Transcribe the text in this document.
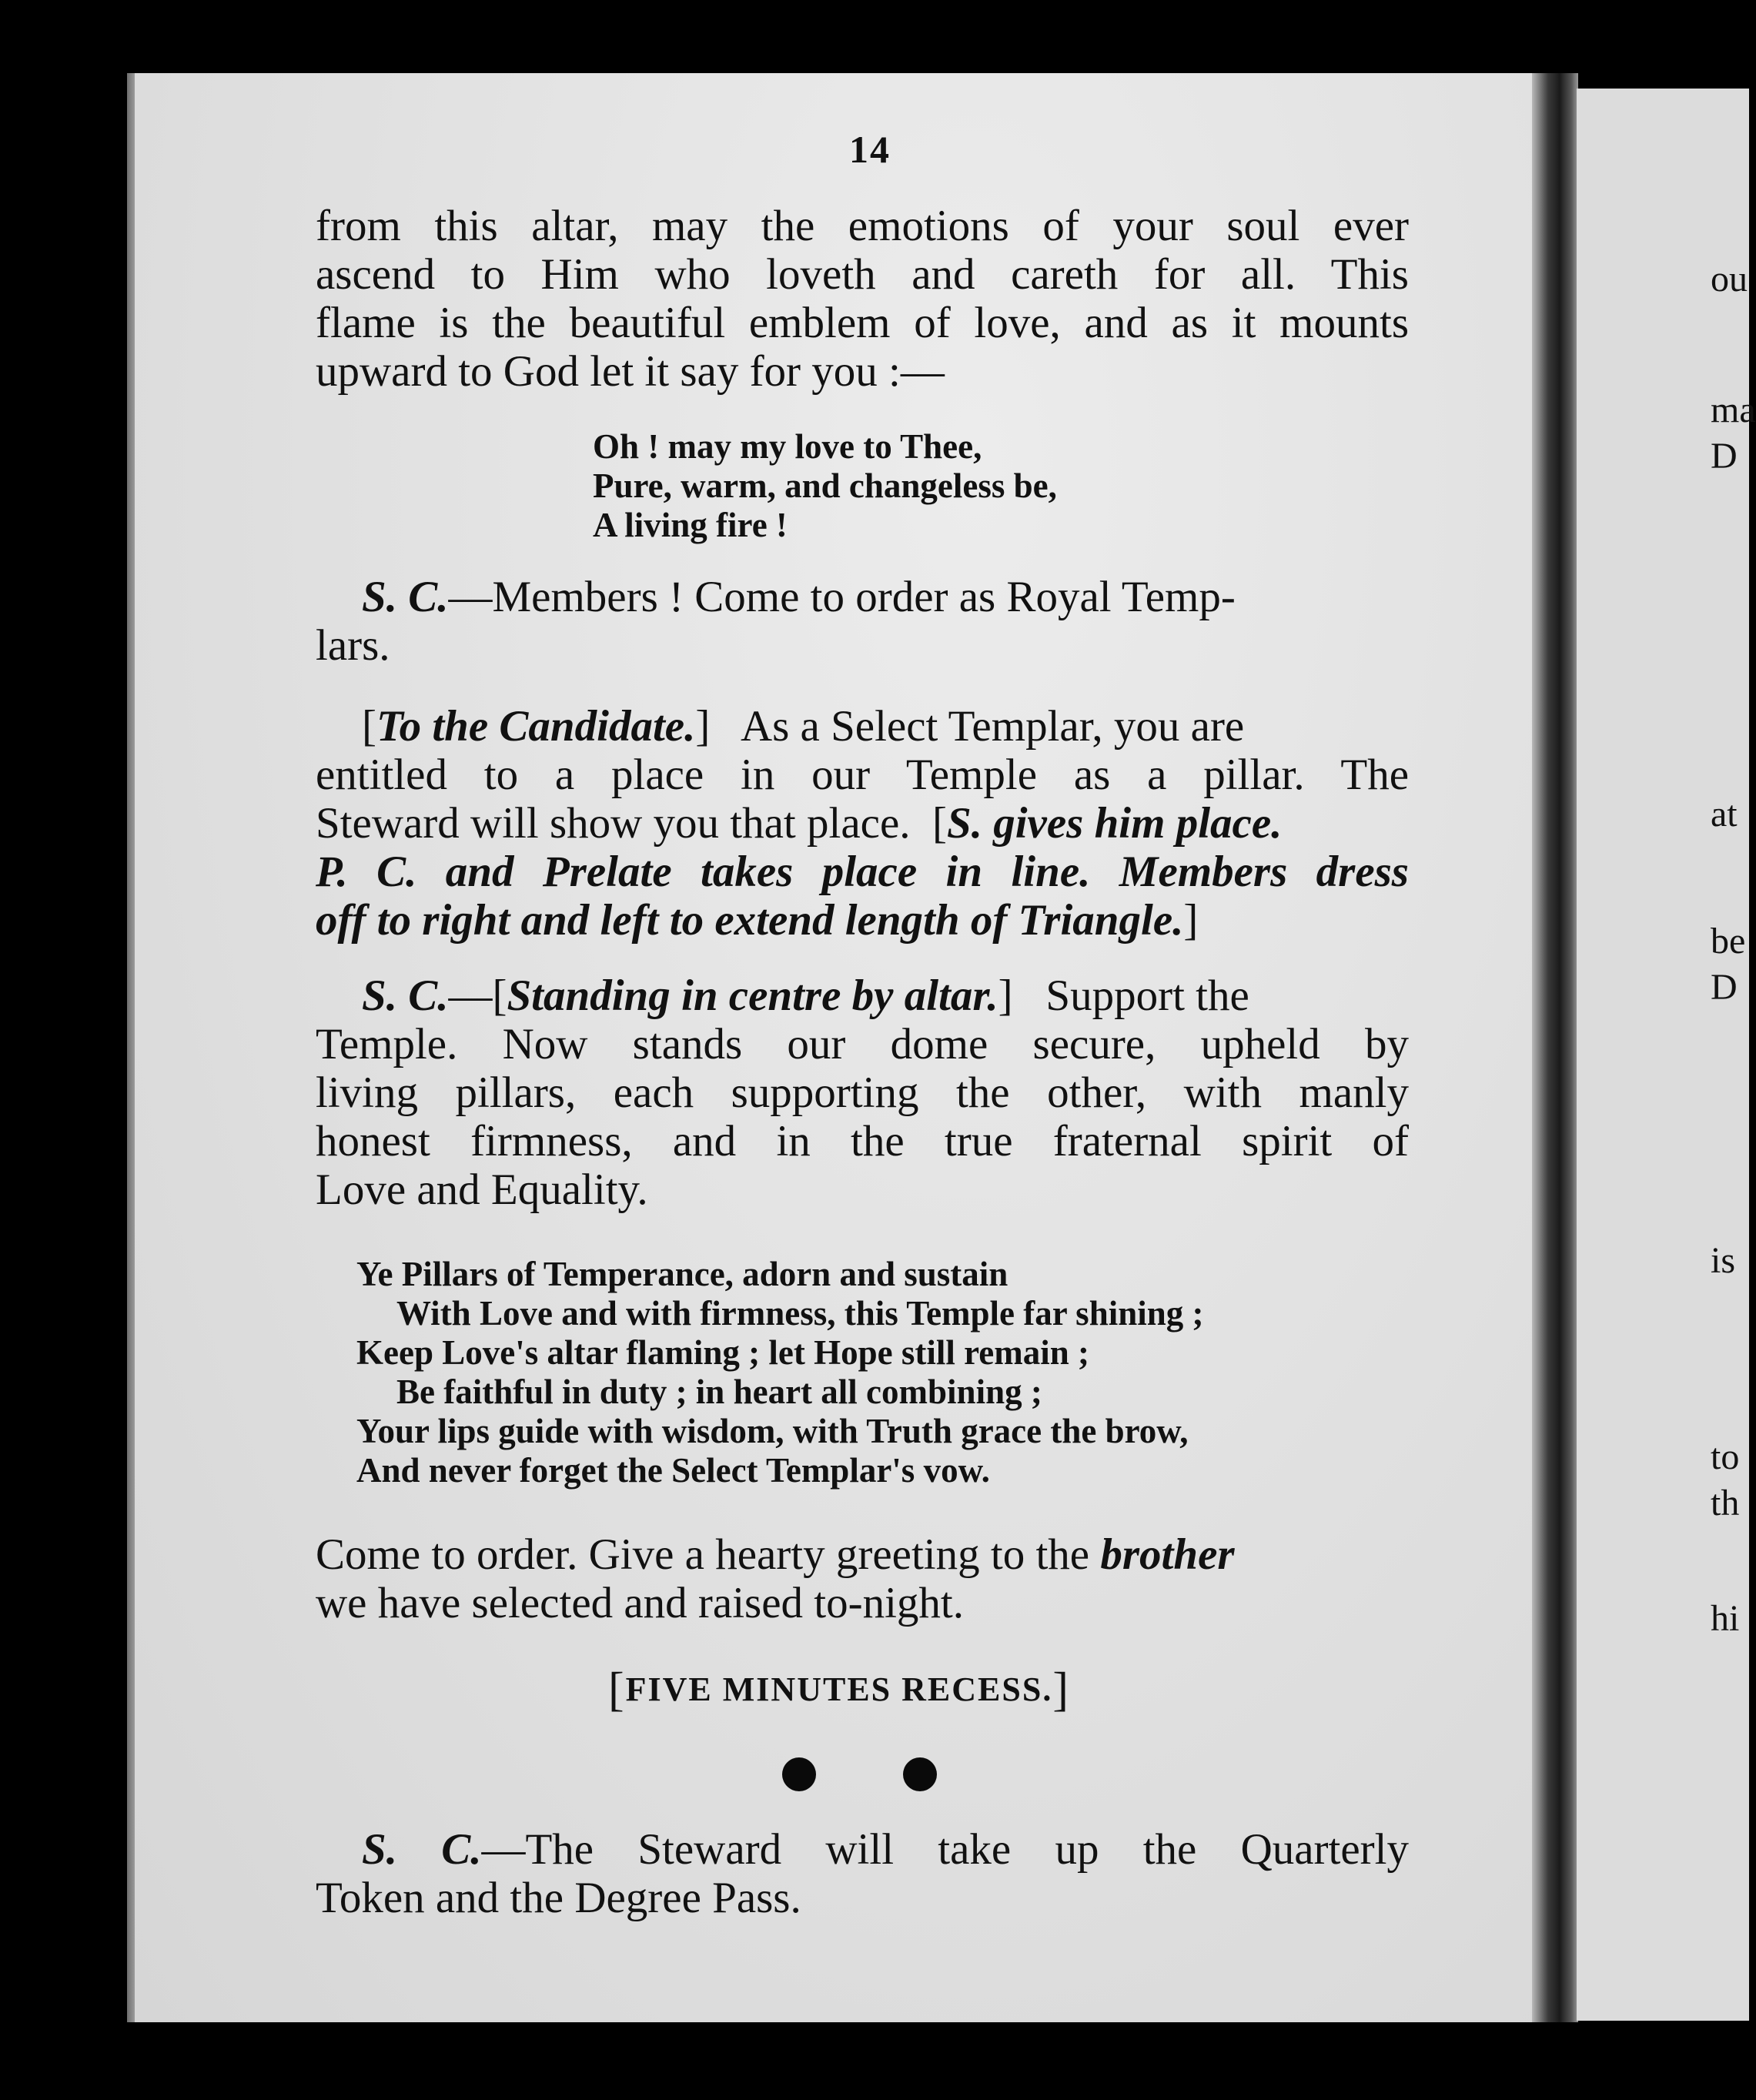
ou
ma
D
at
be
D
is
to
th
hi
14
from this altar, may the emotions of your soul ever
ascend to Him who loveth and careth for all. This
flame is the beautiful emblem of love, and as it mounts
upward to God let it say for you :—
Oh ! may my love to Thee,
Pure, warm, and changeless be,
A living fire !
S. C.—Members ! Come to order as Royal Temp-
lars.
[To the Candidate.]   As a Select Templar, you are
entitled to a place in our Temple as a pillar. The
Steward will show you that place.  [S. gives him place.
P. C. and Prelate takes place in line. Members dress
off to right and left to extend length of Triangle.]
S. C.—[Standing in centre by altar.]   Support the
Temple. Now stands our dome secure, upheld by
living pillars, each supporting the other, with manly
honest firmness, and in the true fraternal spirit of
Love and Equality.
Ye Pillars of Temperance, adorn and sustain
With Love and with firmness, this Temple far shining ;
Keep Love's altar flaming ; let Hope still remain ;
Be faithful in duty ; in heart all combining ;
Your lips guide with wisdom, with Truth grace the brow,
And never forget the Select Templar's vow.
Come to order. Give a hearty greeting to the brother
we have selected and raised to-night.
[FIVE MINUTES RECESS.]
S. C.—The Steward will take up the Quarterly
Token and the Degree Pass.
